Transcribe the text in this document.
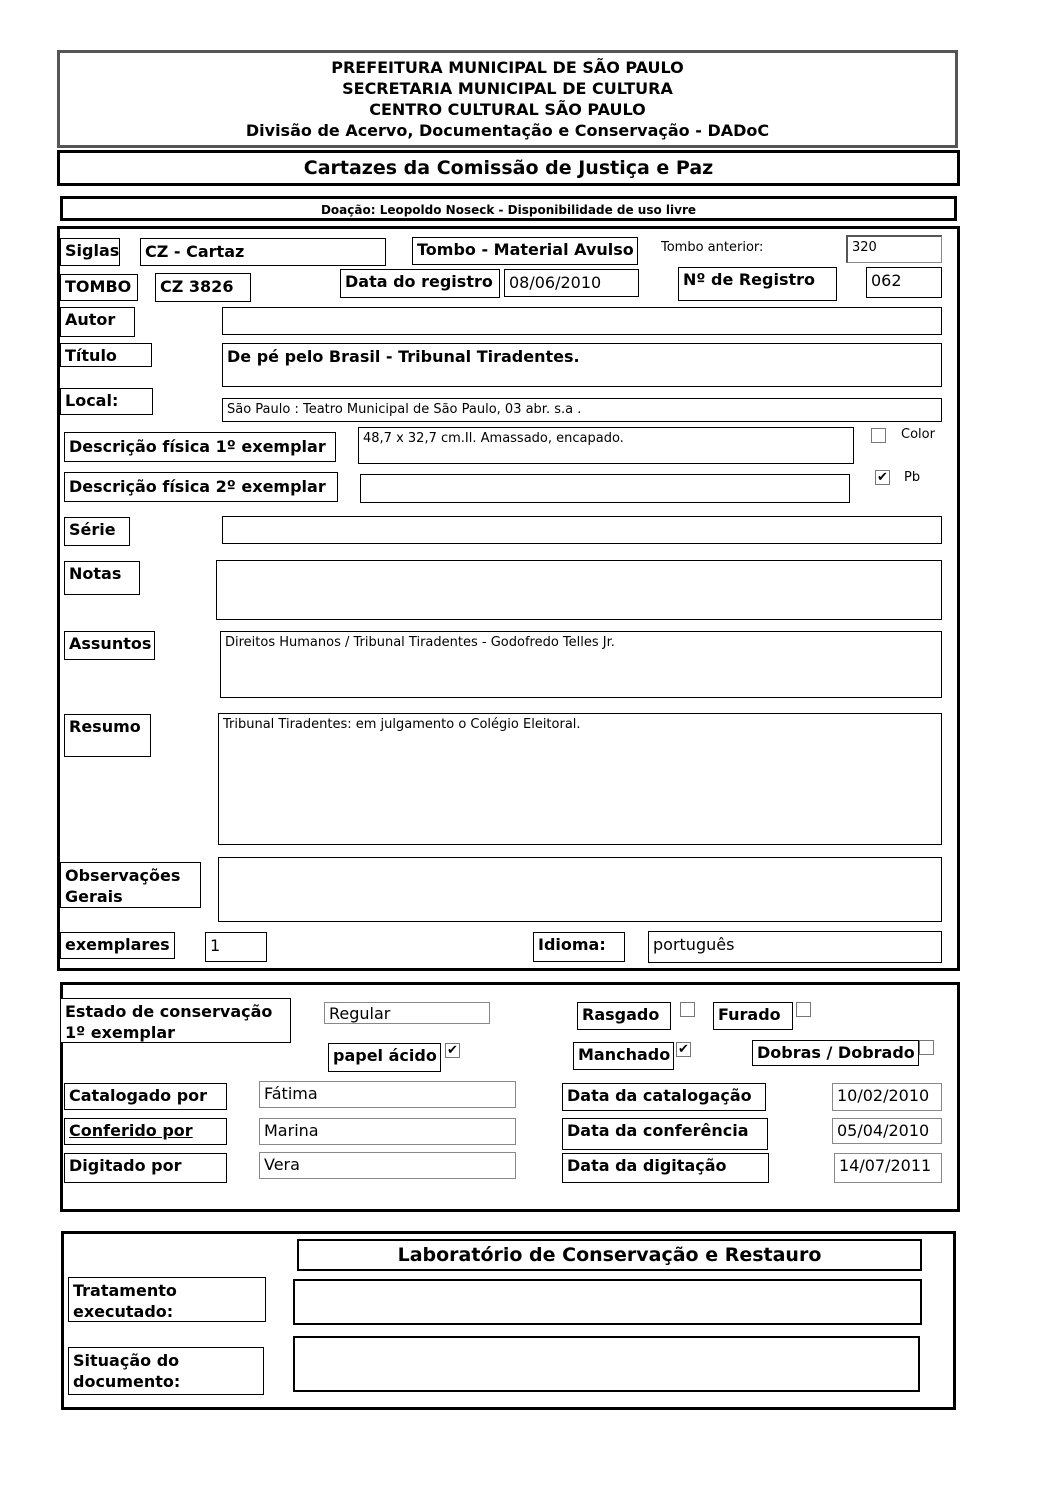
PREFEITURA MUNICIPAL DE SÃO PAULO
SECRETARIA MUNICIPAL DE CULTURA
CENTRO CULTURAL SÃO PAULO
Divisão de Acervo, Documentação e Conservação - DADoC
Cartazes da Comissão de Justiça e Paz
Doação: Leopoldo Noseck - Disponibilidade de uso livre
Siglas	CZ - Cartaz	Tombo - Material Avulso	Tombo anterior:	320
TOMBO	CZ 3826	Data do registro	08/06/2010	Nº de Registro	062
Autor
Título	De pé pelo Brasil - Tribunal Tiradentes.
Local:	São Paulo : Teatro Municipal de São Paulo, 03 abr. s.a .
Descrição física 1º exemplar	48,7 x 32,7 cm.Il. Amassado, encapado.	Color
Descrição física 2º exemplar	✔ Pb
Série
Notas
Assuntos	Direitos Humanos / Tribunal Tiradentes - Godofredo Telles Jr.
Resumo	Tribunal Tiradentes: em julgamento o Colégio Eleitoral.
Observações Gerais
exemplares	1	Idioma:	português
Estado de conservação 1º exemplar
Regular	Rasgado	Furado
papel ácido ✔	Manchado ✔	Dobras / Dobrado
Catalogado por	Fátima
Conferido por	Marina
Digitado por	Vera
Data da catalogação	10/02/2010
Data da conferência	05/04/2010
Data da digitação	14/07/2011
Laboratório de Conservação e Restauro
Tratamento executado:
Situação do documento:
